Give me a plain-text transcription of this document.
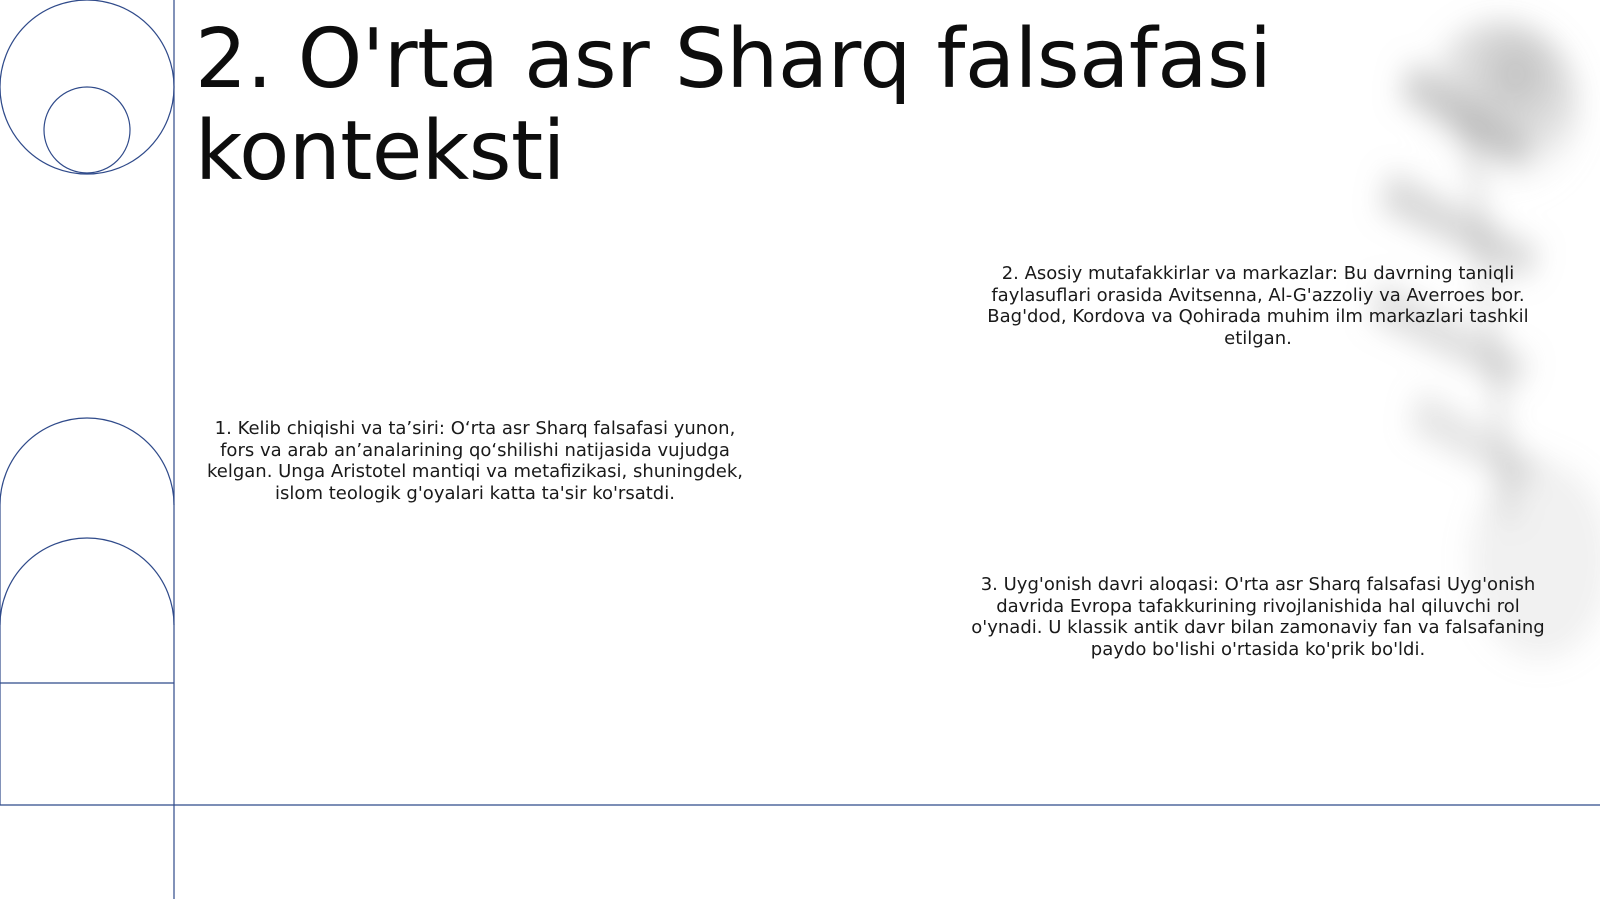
2. O'rta asr Sharq falsafasi konteksti

1. Kelib chiqishi va ta’siri: O‘rta asr Sharq falsafasi yunon, fors va arab an’analarining qo‘shilishi natijasida vujudga kelgan. Unga Aristotel mantiqi va metafizikasi, shuningdek, islom teologik g'oyalari katta ta'sir ko'rsatdi.

2. Asosiy mutafakkirlar va markazlar: Bu davrning taniqli faylasuflari orasida Avitsenna, Al-G'azzoliy va Averroes bor. Bag'dod, Kordova va Qohirada muhim ilm markazlari tashkil etilgan.

3. Uyg'onish davri aloqasi: O'rta asr Sharq falsafasi Uyg'onish davrida Evropa tafakkurining rivojlanishida hal qiluvchi rol o'ynadi. U klassik antik davr bilan zamonaviy fan va falsafaning paydo bo'lishi o'rtasida ko'prik bo'ldi.
